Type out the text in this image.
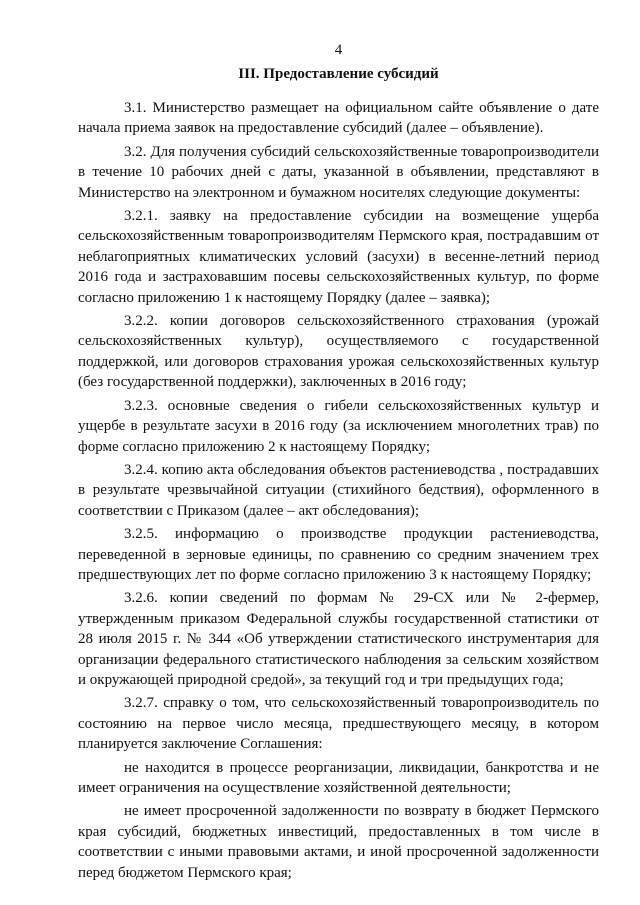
4

III. Предоставление субсидий

3.1. Министерство размещает на официальном сайте объявление о дате начала приема заявок на предоставление субсидий (далее – объявление).

3.2. Для получения субсидий сельскохозяйственные товаропроизводители в течение 10 рабочих дней с даты, указанной в объявлении, представляют в Министерство на электронном и бумажном носителях следующие документы:

3.2.1. заявку на предоставление субсидии на возмещение ущерба сельскохозяйственным товаропроизводителям Пермского края, пострадавшим от неблагоприятных климатических условий (засухи) в весенне-летний период 2016 года и застраховавшим посевы сельскохозяйственных культур, по форме согласно приложению 1 к настоящему Порядку (далее – заявка);

3.2.2. копии договоров сельскохозяйственного страхования (урожай сельскохозяйственных культур), осуществляемого с государственной поддержкой, или договоров страхования урожая сельскохозяйственных культур (без государственной поддержки), заключенных в 2016 году;

3.2.3. основные сведения о гибели сельскохозяйственных культур и ущербе в результате засухи в 2016 году (за исключением многолетних трав) по форме согласно приложению 2 к настоящему Порядку;

3.2.4. копию акта обследования объектов растениеводства , пострадавших в результате чрезвычайной ситуации (стихийного бедствия), оформленного в соответствии с Приказом (далее – акт обследования);

3.2.5. информацию о производстве продукции растениеводства, переведенной в зерновые единицы, по сравнению со средним значением трех предшествующих лет по форме согласно приложению 3 к настоящему Порядку;

3.2.6. копии сведений по формам № 29-СХ или № 2-фермер, утвержденным приказом Федеральной службы государственной статистики от 28 июля 2015 г. № 344 «Об утверждении статистического инструментария для организации федерального статистического наблюдения за сельским хозяйством и окружающей природной средой», за текущий год и три предыдущих года;

3.2.7. справку о том, что сельскохозяйственный товаропроизводитель по состоянию на первое число месяца, предшествующего месяцу, в котором планируется заключение Соглашения:

не находится в процессе реорганизации, ликвидации, банкротства и не имеет ограничения на осуществление хозяйственной деятельности;

не имеет просроченной задолженности по возврату в бюджет Пермского края субсидий, бюджетных инвестиций, предоставленных в том числе в соответствии с иными правовыми актами, и иной просроченной задолженности перед бюджетом Пермского края;
